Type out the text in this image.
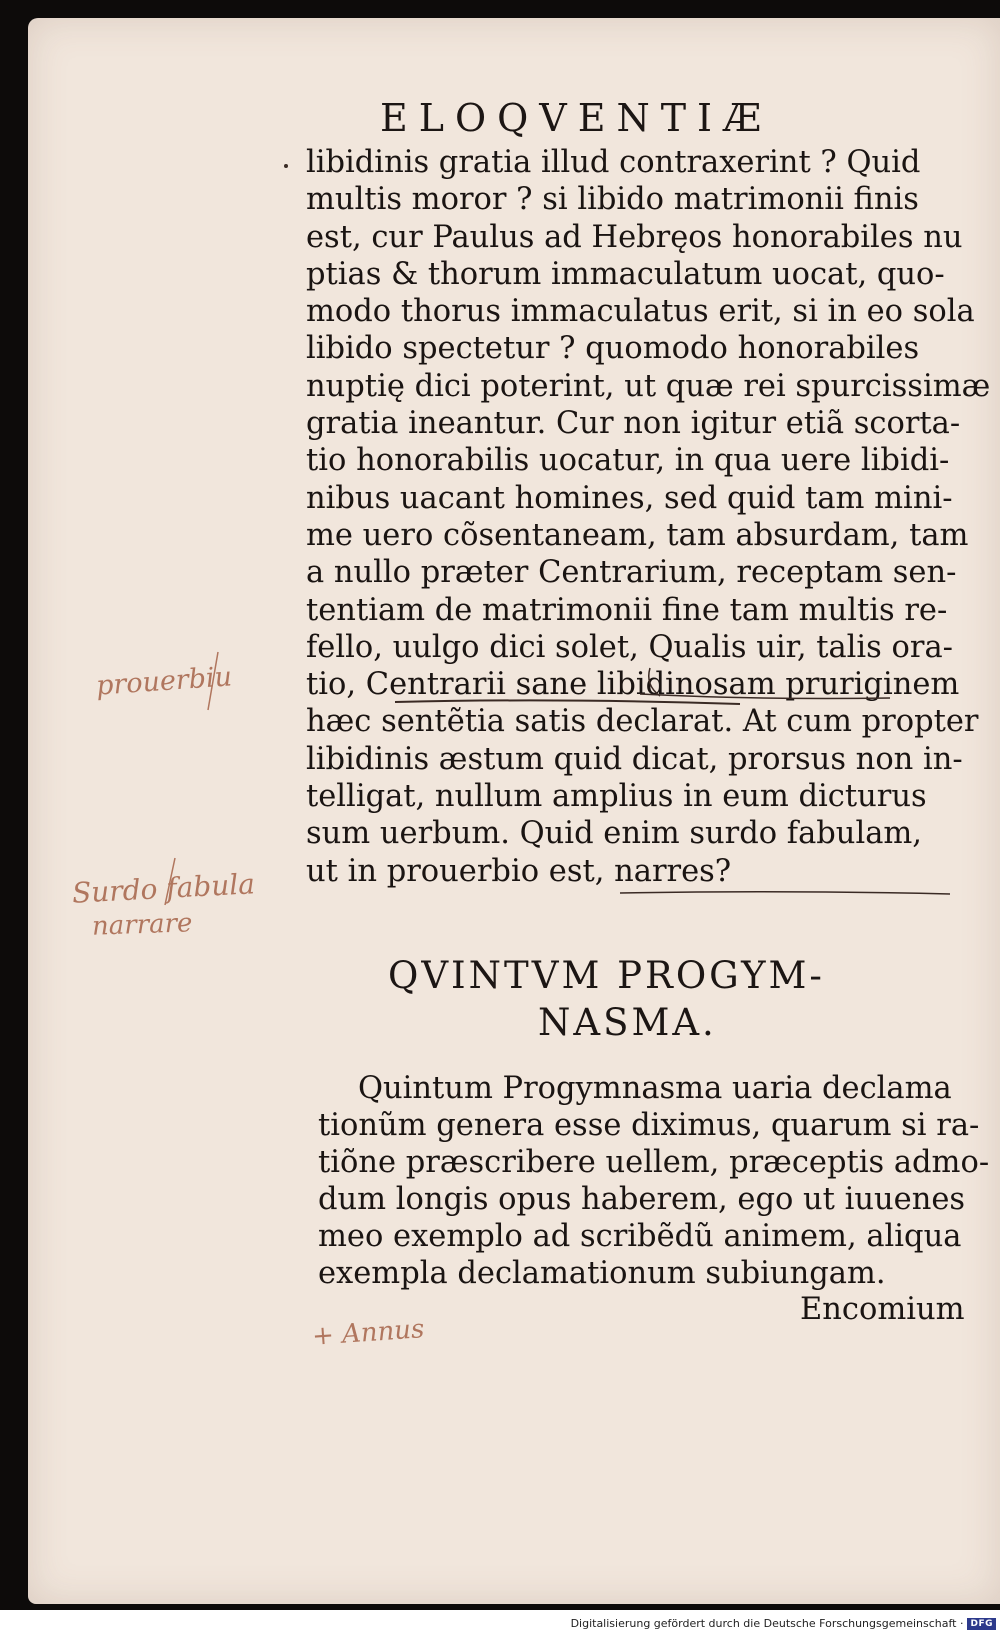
ELOQVENTIÆ
libidinis gratia illud contraxerint ? Quid
multis moror ? si libido matrimonii finis
est, cur Paulus ad Hebręos honorabiles nu
ptias & thorum immaculatum uocat, quo-
modo thorus immaculatus erit, si in eo sola
libido spectetur ? quomodo honorabiles
nuptię dici poterint, ut quæ rei spurcissimæ
gratia ineantur. Cur non igitur etiã scorta-
tio honorabilis uocatur, in qua uere libidi-
nibus uacant homines, sed quid tam mini-
me uero cõsentaneam, tam absurdam, tam
a nullo præter Centrarium, receptam sen-
tentiam de matrimonii fine tam multis re-
fello, uulgo dici solet, Qualis uir, talis ora-
tio, Centrarii sane libidinosam pruriginem
hæc sentẽtia satis declarat. At cum propter
libidinis æstum quid dicat, prorsus non in-
telligat, nullum amplius in eum dicturus
sum uerbum. Quid enim surdo fabulam,
ut in prouerbio est, narres?
QVINTVM PROGYM-
NASMA.
Quintum Progymnasma uaria declama
tionũm genera esse diximus, quarum si ra-
tiõne præscribere uellem, præceptis admo-
dum longis opus haberem, ego ut iuuenes
meo exemplo ad scribẽdũ animem, aliqua
exempla declamationum subiungam.
Encomium
prouerbiu
Surdo fabula
narrare
+ Annus
Digitalisierung gefördert durch die Deutsche Forschungsgemeinschaft · DFG
